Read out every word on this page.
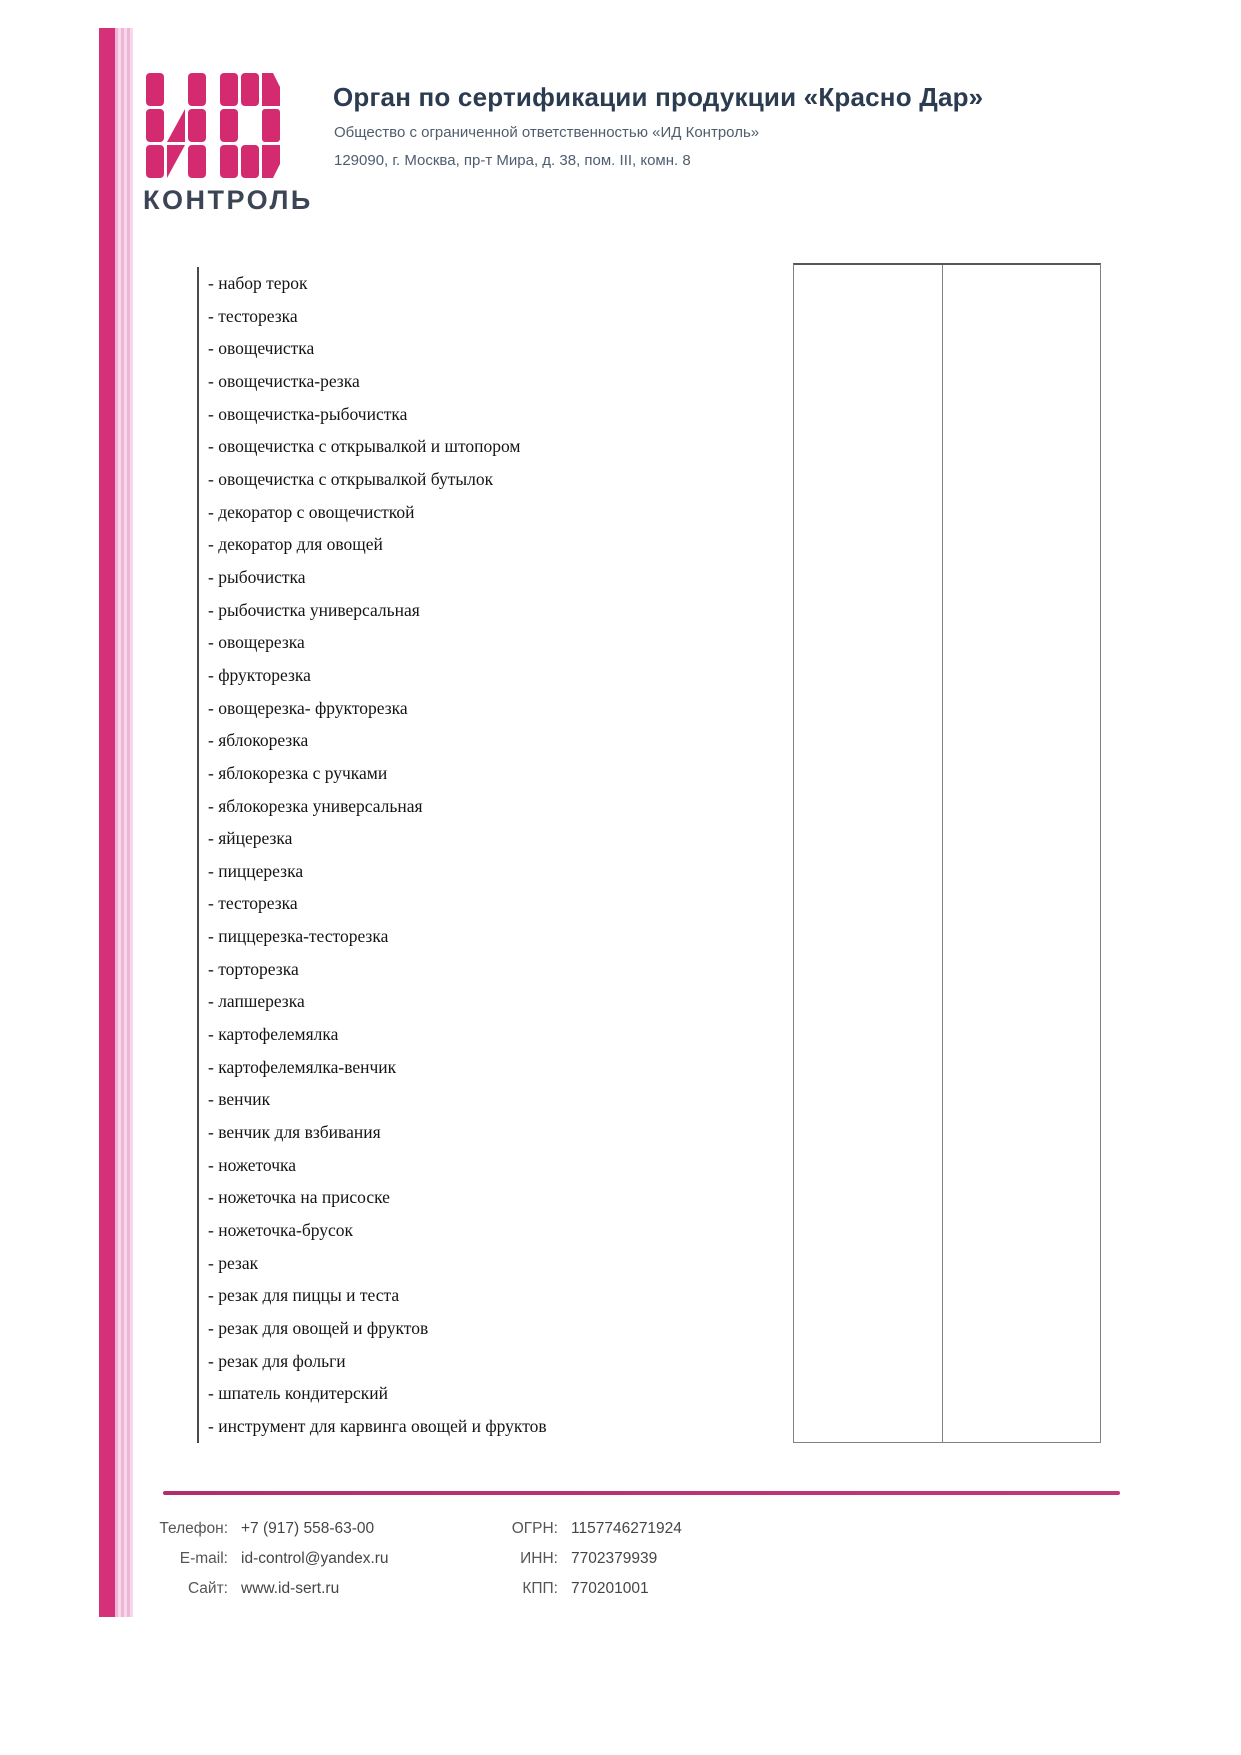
КОНТРОЛЬ
Орган по сертификации продукции «Красно Дар»
Общество с ограниченной ответственностью «ИД Контроль»
129090, г. Москва, пр-т Мира, д. 38, пом. III, комн. 8
- набор терок
- тесторезка
- овощечистка
- овощечистка-резка
- овощечистка-рыбочистка
- овощечистка с открывалкой и штопором
- овощечистка с открывалкой бутылок
- декоратор с овощечисткой
- декоратор для овощей
- рыбочистка
- рыбочистка универсальная
- овощерезка
- фрукторезка
- овощерезка- фрукторезка
- яблокорезка
- яблокорезка с ручками
- яблокорезка универсальная
- яйцерезка
- пиццерезка
- тесторезка
- пиццерезка-тесторезка
- торторезка
- лапшерезка
- картофелемялка
- картофелемялка-венчик
- венчик
- венчик для взбивания
- ножеточка
- ножеточка на присоске
- ножеточка-брусок
- резак
- резак для пиццы и теста
- резак для овощей и фруктов
- резак для фольги
- шпатель кондитерский
- инструмент для карвинга овощей и фруктов
Телефон: +7 (917) 558-63-00
E-mail: id-control@yandex.ru
Сайт: www.id-sert.ru
ОГРН: 1157746271924
ИНН: 7702379939
КПП: 770201001
